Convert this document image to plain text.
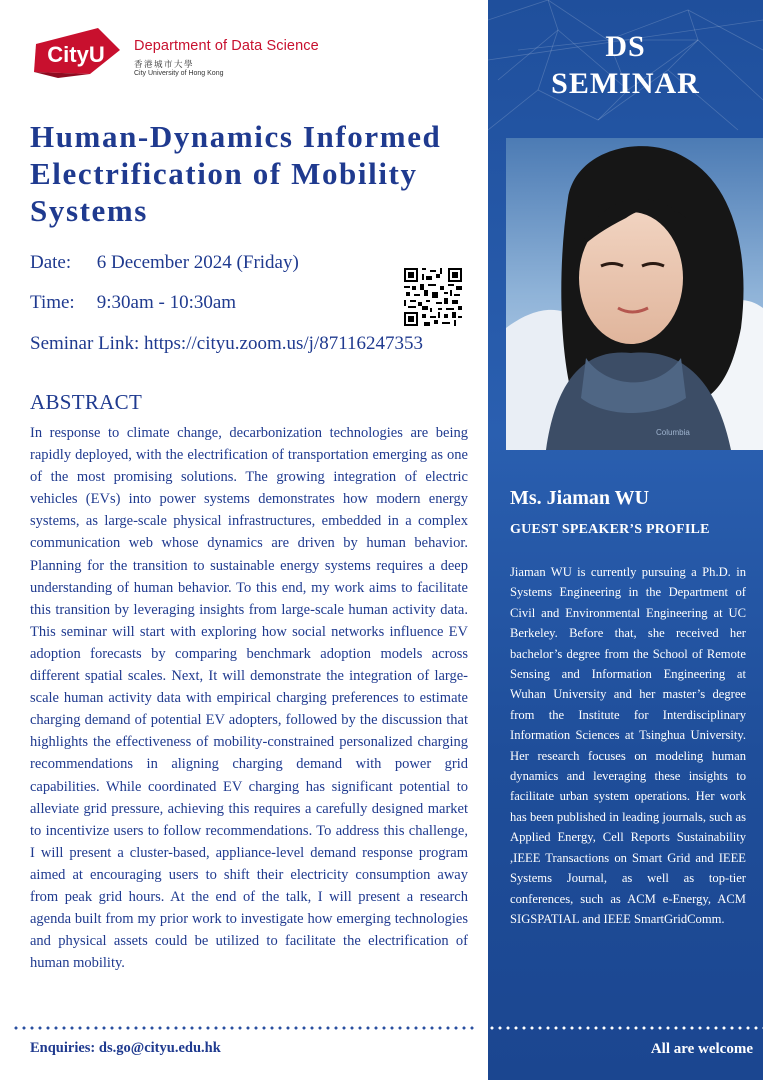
CityU Department of Data Science
香港城市大學
City University of Hong Kong
Human-Dynamics Informed Electrification of Mobility Systems
Date: 6 December 2024 (Friday)
Time: 9:30am - 10:30am
Seminar Link: https://cityu.zoom.us/j/87116247353
ABSTRACT
In response to climate change, decarbonization technologies are being rapidly deployed, with the electrification of transportation emerging as one of the most promising solutions. The growing integration of electric vehicles (EVs) into power systems demonstrates how modern energy systems, as large-scale physical infrastructures, embedded in a complex communication web whose dynamics are driven by human behavior. Planning for the transition to sustainable energy systems requires a deep understanding of human behavior. To this end, my work aims to facilitate this transition by leveraging insights from large-scale human activity data. This seminar will start with exploring how social networks influence EV adoption forecasts by comparing benchmark adoption models across different spatial scales. Next, It will demonstrate the integration of large-scale human activity data with empirical charging preferences to estimate charging demand of potential EV adopters, followed by the discussion that highlights the effectiveness of mobility-constrained personalized charging recommendations in aligning charging demand with power grid capabilities. While coordinated EV charging has significant potential to alleviate grid pressure, achieving this requires a carefully designed market to incentivize users to follow recommendations. To address this challenge, I will present a cluster-based, appliance-level demand response program aimed at encouraging users to shift their electricity consumption away from peak grid hours. At the end of the talk, I will present a research agenda built from my prior work to investigate how emerging technologies and physical assets could be utilized to facilitate the electrification of human mobility.
Enquiries: ds.go@cityu.edu.hk
DS
SEMINAR
Columbia
Ms. Jiaman WU
GUEST SPEAKER’S PROFILE
Jiaman WU is currently pursuing a Ph.D. in Systems Engineering in the Department of Civil and Environmental Engineering at UC Berkeley. Before that, she received her bachelor’s degree from the School of Remote Sensing and Information Engineering at Wuhan University and her master’s degree from the Institute for Interdisciplinary Information Sciences at Tsinghua University. Her research focuses on modeling human dynamics and leveraging these insights to facilitate urban system operations. Her work has been published in leading journals, such as Applied Energy, Cell Reports Sustainability ,IEEE Transactions on Smart Grid and IEEE Systems Journal, as well as top-tier conferences, such as ACM e-Energy, ACM SIGSPATIAL and IEEE SmartGridComm.
All are welcome
